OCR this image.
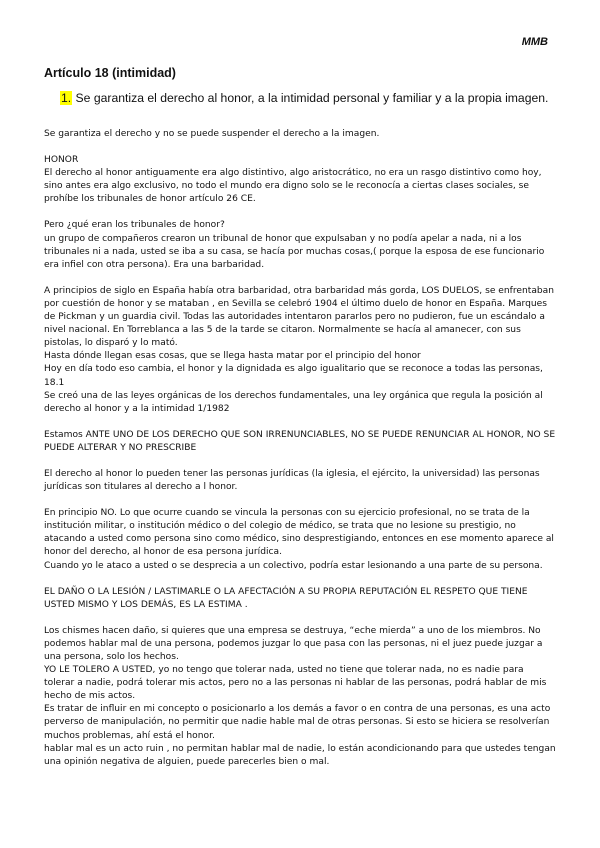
MMB
Artículo 18 (intimidad)
1. Se garantiza el derecho al honor, a la intimidad personal y familiar y a la propia imagen.

Se garantiza el derecho y no se puede suspender el derecho a la imagen.

HONOR
El derecho al honor antiguamente era algo distintivo, algo aristocrático, no era un rasgo distintivo como hoy, sino antes era algo exclusivo, no todo el mundo era digno solo se le reconocía a ciertas clases sociales, se prohíbe los tribunales de honor artículo 26 CE.

Pero ¿qué eran los tribunales de honor?
un grupo de compañeros crearon un tribunal de honor que expulsaban y no podía apelar a nada, ni a los tribunales ni a nada, usted se iba a su casa, se hacía por muchas cosas,( porque la esposa de ese funcionario era infiel con otra persona). Era una barbaridad.

A principios de siglo en España había otra barbaridad, otra barbaridad más gorda, LOS DUELOS, se enfrentaban por cuestión de honor y se mataban , en Sevilla se celebró 1904 el último duelo de honor en España. Marques de Pickman y un guardia civil. Todas las autoridades intentaron pararlos pero no pudieron, fue un escándalo a nivel nacional. En Torreblanca a las 5 de la tarde se citaron. Normalmente se hacía al amanecer, con sus pistolas, lo disparó y lo mató.
Hasta dónde llegan esas cosas, que se llega hasta matar por el principio del honor
Hoy en día todo eso cambia, el honor y la dignidada es algo igualitario que se reconoce a todas las personas, 18.1
Se creó una de las leyes orgánicas de los derechos fundamentales, una ley orgánica que regula la posición al derecho al honor y a la intimidad 1/1982

Estamos ANTE UNO DE LOS DERECHO QUE SON IRRENUNCIABLES, NO SE PUEDE RENUNCIAR AL HONOR, NO SE PUEDE ALTERAR Y NO PRESCRIBE

El derecho al honor lo pueden tener las personas jurídicas (la iglesia, el ejército, la universidad) las personas jurídicas son titulares al derecho a l honor.

En principio NO. Lo que ocurre cuando se vincula la personas con su ejercicio profesional, no se trata de la institución militar, o institución médico o del colegio de médico, se trata que no lesione su prestigio, no atacando a usted como persona sino como médico, sino desprestigiando, entonces en ese momento aparece al honor del derecho, al honor de esa persona jurídica.
Cuando yo le ataco a usted o se desprecia a un colectivo, podría estar lesionando a una parte de su persona.

EL DAÑO O LA LESIÓN / LASTIMARLE O LA AFECTACIÓN A SU PROPIA REPUTACIÓN EL RESPETO QUE TIENE USTED MISMO Y LOS DEMÁS, ES LA ESTIMA .

Los chismes hacen daño, si quieres que una empresa se destruya, “eche mierda” a uno de los miembros. No podemos hablar mal de una persona, podemos juzgar lo que pasa con las personas, ni el juez puede juzgar a una persona, solo los hechos.
YO LE TOLERO A USTED, yo no tengo que tolerar nada, usted no tiene que tolerar nada, no es nadie para tolerar a nadie, podrá tolerar mis actos, pero no a las personas ni hablar de las personas, podrá hablar de mis hecho de mis actos.
Es tratar de influir en mi concepto o posicionarlo a los demás a favor o en contra de una personas, es una acto perverso de manipulación, no permitir que nadie hable mal de otras personas. Si esto se hiciera se resolverían muchos problemas, ahí está el honor.
hablar mal es un acto ruin , no permitan hablar mal de nadie, lo están acondicionando para que ustedes tengan una opinión negativa de alguien, puede parecerles bien o mal.
